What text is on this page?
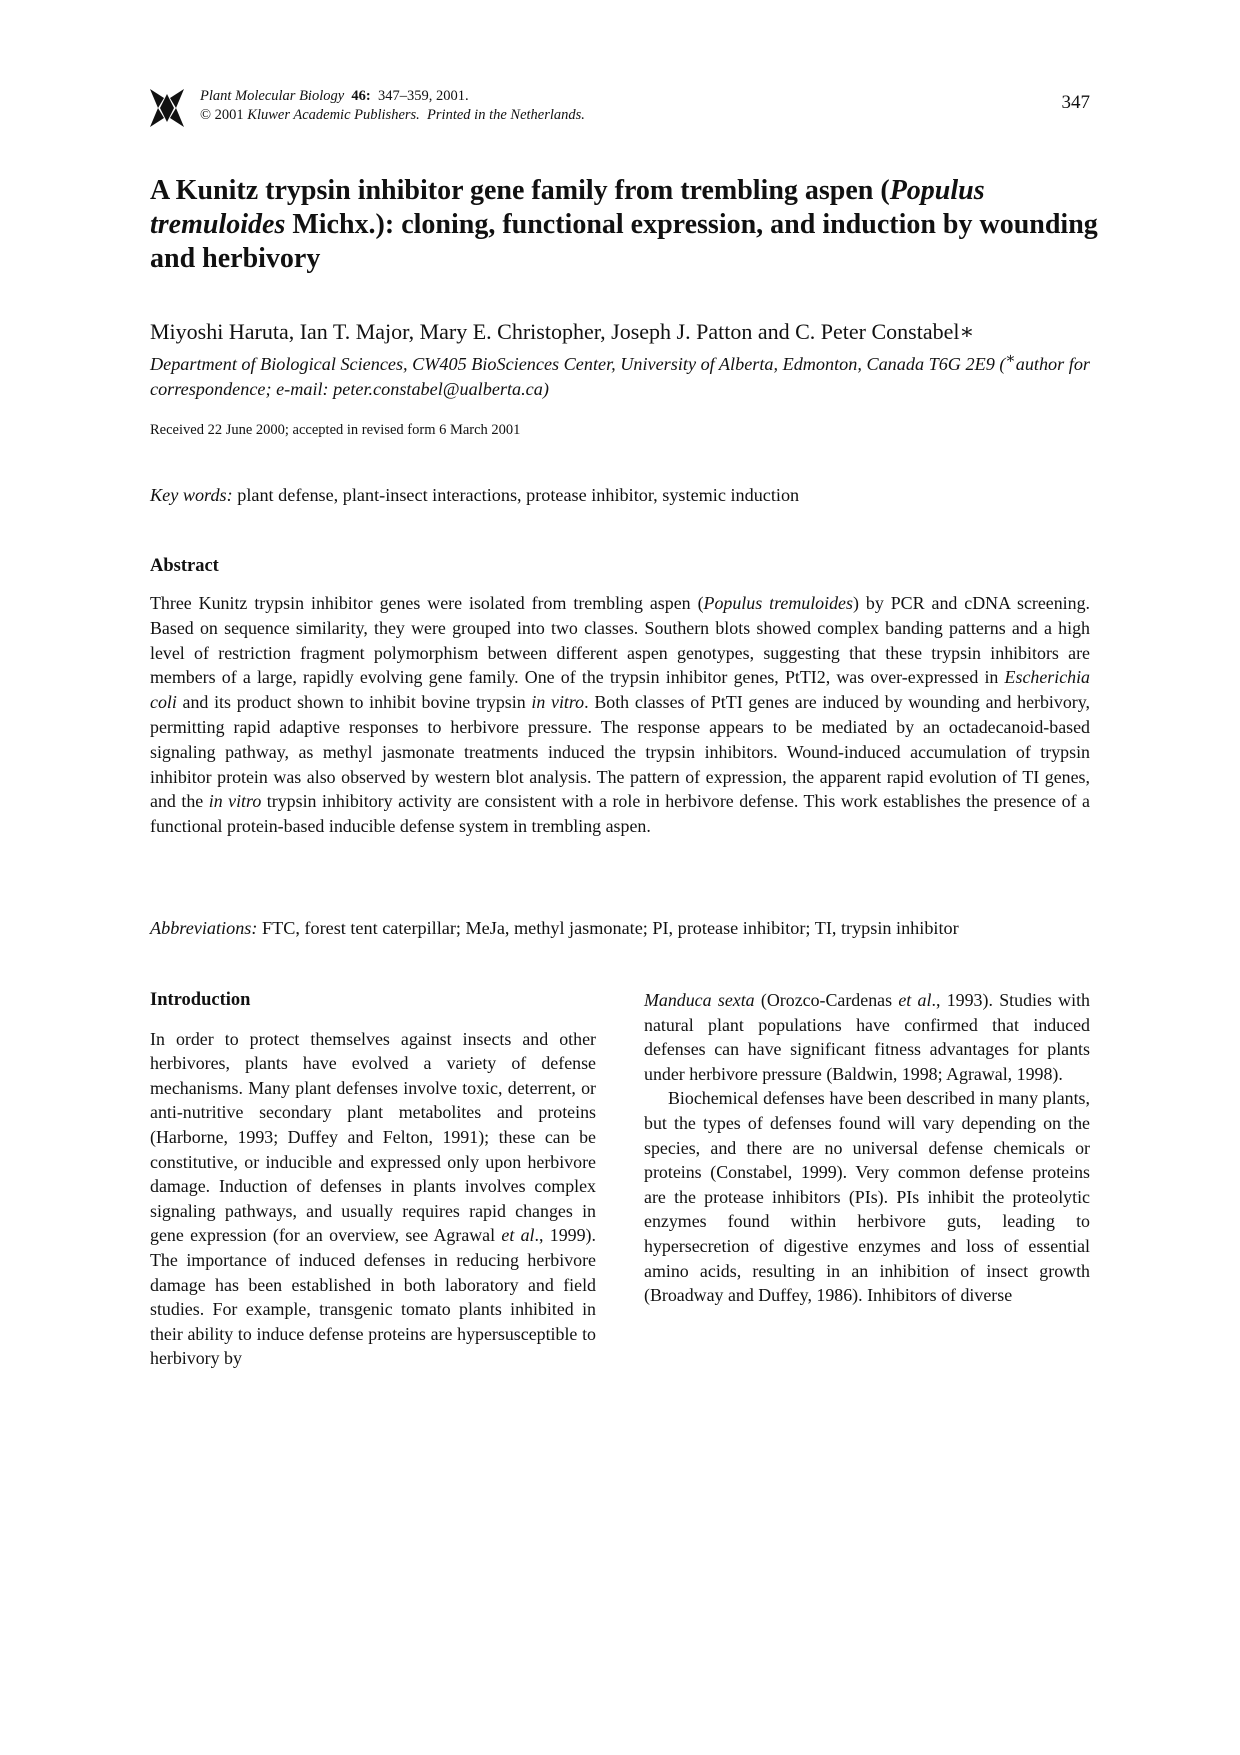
Plant Molecular Biology 46: 347–359, 2001.
© 2001 Kluwer Academic Publishers. Printed in the Netherlands.
347
A Kunitz trypsin inhibitor gene family from trembling aspen (Populus tremuloides Michx.): cloning, functional expression, and induction by wounding and herbivory
Miyoshi Haruta, Ian T. Major, Mary E. Christopher, Joseph J. Patton and C. Peter Constabel∗
Department of Biological Sciences, CW405 BioSciences Center, University of Alberta, Edmonton, Canada T6G 2E9 (∗author for correspondence; e-mail: peter.constabel@ualberta.ca)
Received 22 June 2000; accepted in revised form 6 March 2001
Key words: plant defense, plant-insect interactions, protease inhibitor, systemic induction
Abstract

Three Kunitz trypsin inhibitor genes were isolated from trembling aspen (Populus tremuloides) by PCR and cDNA screening. Based on sequence similarity, they were grouped into two classes. Southern blots showed complex banding patterns and a high level of restriction fragment polymorphism between different aspen genotypes, suggesting that these trypsin inhibitors are members of a large, rapidly evolving gene family. One of the trypsin inhibitor genes, PtTI2, was over-expressed in Escherichia coli and its product shown to inhibit bovine trypsin in vitro. Both classes of PtTI genes are induced by wounding and herbivory, permitting rapid adaptive responses to herbivore pressure. The response appears to be mediated by an octadecanoid-based signaling pathway, as methyl jasmonate treatments induced the trypsin inhibitors. Wound-induced accumulation of trypsin inhibitor protein was also observed by western blot analysis. The pattern of expression, the apparent rapid evolution of TI genes, and the in vitro trypsin inhibitory activity are consistent with a role in herbivore defense. This work establishes the presence of a functional protein-based inducible defense system in trembling aspen.

Abbreviations: FTC, forest tent caterpillar; MeJa, methyl jasmonate; PI, protease inhibitor; TI, trypsin inhibitor
Introduction

In order to protect themselves against insects and other herbivores, plants have evolved a variety of defense mechanisms. Many plant defenses involve toxic, deterrent, or anti-nutritive secondary plant metabolites and proteins (Harborne, 1993; Duffey and Felton, 1991); these can be constitutive, or inducible and expressed only upon herbivore damage. Induction of defenses in plants involves complex signaling pathways, and usually requires rapid changes in gene expression (for an overview, see Agrawal et al., 1999). The importance of induced defenses in reducing herbivore damage has been established in both laboratory and field studies. For example, transgenic tomato plants inhibited in their ability to induce defense proteins are hypersusceptible to herbivory by

Manduca sexta (Orozco-Cardenas et al., 1993). Studies with natural plant populations have confirmed that induced defenses can have significant fitness advantages for plants under herbivore pressure (Baldwin, 1998; Agrawal, 1998).

Biochemical defenses have been described in many plants, but the types of defenses found will vary depending on the species, and there are no universal defense chemicals or proteins (Constabel, 1999). Very common defense proteins are the protease inhibitors (PIs). PIs inhibit the proteolytic enzymes found within herbivore guts, leading to hypersecretion of digestive enzymes and loss of essential amino acids, resulting in an inhibition of insect growth (Broadway and Duffey, 1986). Inhibitors of diverse
